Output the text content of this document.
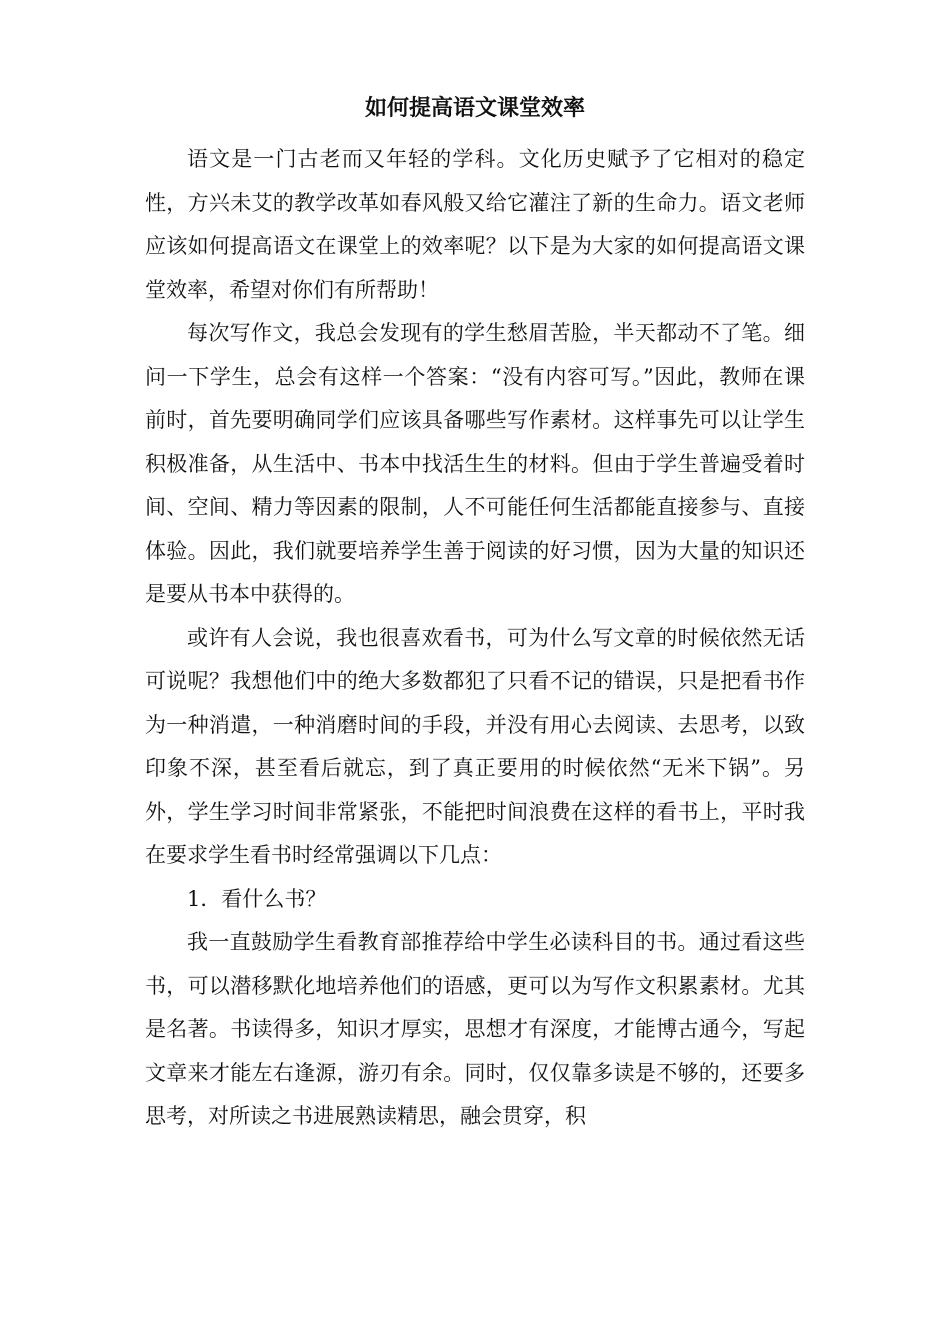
如何提高语文课堂效率

语文是一门古老而又年轻的学科。文化历史赋予了它相对的稳定性，方兴未艾的教学改革如春风般又给它灌注了新的生命力。语文老师应该如何提高语文在课堂上的效率呢？以下是为大家的如何提高语文课堂效率，希望对你们有所帮助！

每次写作文，我总会发现有的学生愁眉苦脸，半天都动不了笔。细问一下学生，总会有这样一个答案：“没有内容可写。”因此，教师在课前时，首先要明确同学们应该具备哪些写作素材。这样事先可以让学生积极准备，从生活中、书本中找活生生的材料。但由于学生普遍受着时间、空间、精力等因素的限制，人不可能任何生活都能直接参与、直接体验。因此，我们就要培养学生善于阅读的好习惯，因为大量的知识还是要从书本中获得的。

或许有人会说，我也很喜欢看书，可为什么写文章的时候依然无话可说呢？我想他们中的绝大多数都犯了只看不记的错误，只是把看书作为一种消遣，一种消磨时间的手段，并没有用心去阅读、去思考，以致印象不深，甚至看后就忘，到了真正要用的时候依然“无米下锅”。另外，学生学习时间非常紧张，不能把时间浪费在这样的看书上，平时我在要求学生看书时经常强调以下几点：

1．看什么书？

我一直鼓励学生看教育部推荐给中学生必读科目的书。通过看这些书，可以潜移默化地培养他们的语感，更可以为写作文积累素材。尤其是名著。书读得多，知识才厚实，思想才有深度，才能博古通今，写起文章来才能左右逢源，游刃有余。同时，仅仅靠多读是不够的，还要多思考，对所读之书进展熟读精思，融会贯穿，积
